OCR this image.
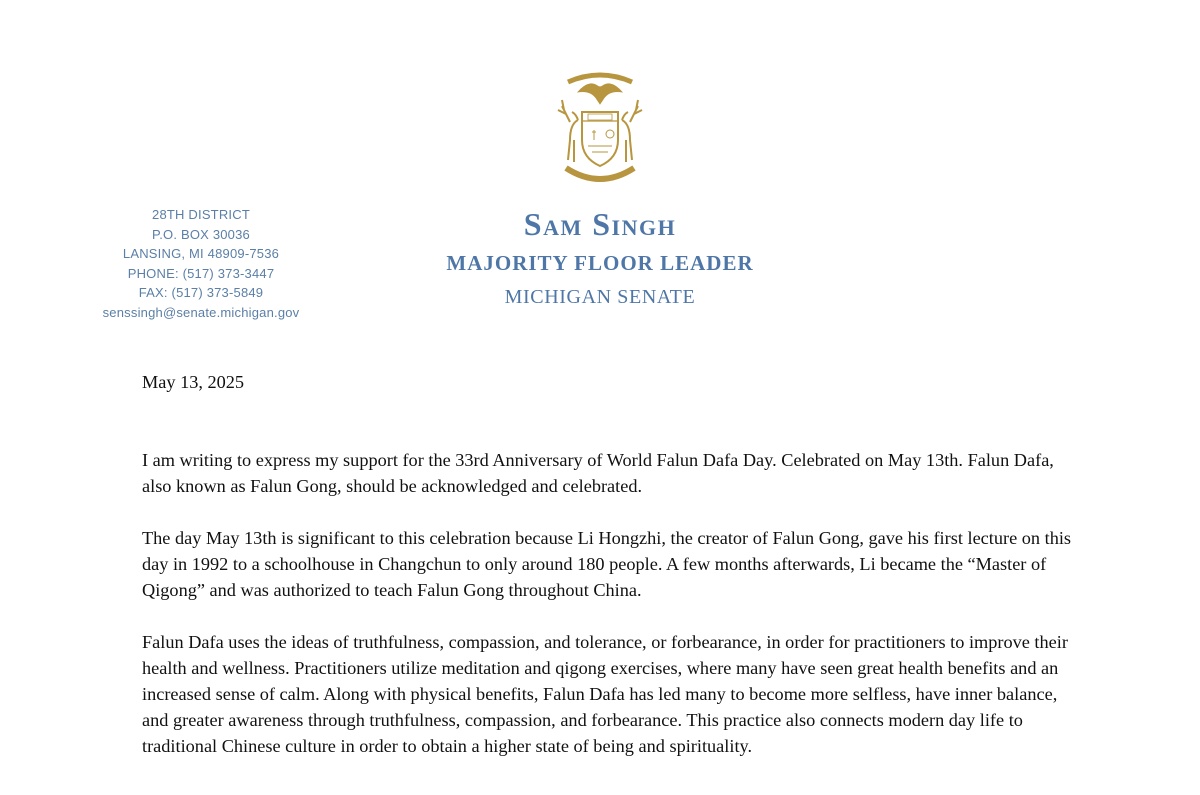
28TH DISTRICT
P.O. BOX 30036
LANSING, MI 48909-7536
PHONE: (517) 373-3447
FAX: (517) 373-5849
senssingh@senate.michigan.gov
Sam Singh
MAJORITY FLOOR LEADER
MICHIGAN SENATE
May 13, 2025

I am writing to express my support for the 33rd Anniversary of World Falun Dafa Day. Celebrated on May 13th. Falun Dafa, also known as Falun Gong, should be acknowledged and celebrated.

The day May 13th is significant to this celebration because Li Hongzhi, the creator of Falun Gong, gave his first lecture on this day in 1992 to a schoolhouse in Changchun to only around 180 people. A few months afterwards, Li became the “Master of Qigong” and was authorized to teach Falun Gong throughout China.

Falun Dafa uses the ideas of truthfulness, compassion, and tolerance, or forbearance, in order for practitioners to improve their health and wellness. Practitioners utilize meditation and qigong exercises, where many have seen great health benefits and an increased sense of calm. Along with physical benefits, Falun Dafa has led many to become more selfless, have inner balance, and greater awareness through truthfulness, compassion, and forbearance. This practice also connects modern day life to traditional Chinese culture in order to obtain a higher state of being and spirituality.
